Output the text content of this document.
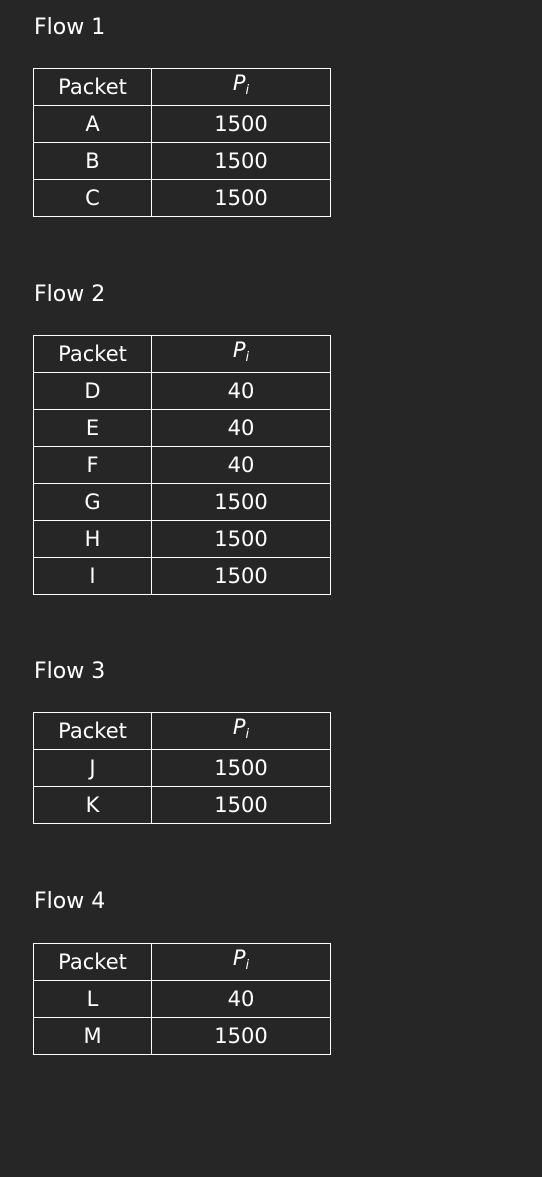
Flow 1
Packet	$P_i$
A	1500
B	1500
C	1500
Flow 2
Packet	$P_i$
D	40
E	40
F	40
G	1500
H	1500
I	1500
Flow 3
Packet	$P_i$
J	1500
K	1500
Flow 4
Packet	$P_i$
L	40
M	1500
